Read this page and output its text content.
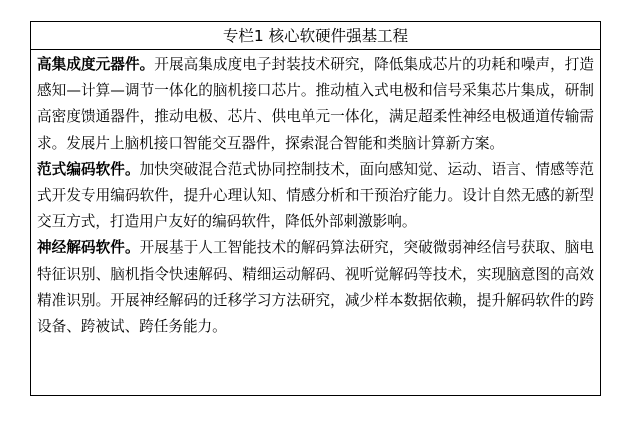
专栏1 核心软硬件强基工程

高集成度元器件。开展高集成度电子封装技术研究，降低集成芯片的功耗和噪声，打造感知—计算—调节一体化的脑机接口芯片。推动植入式电极和信号采集芯片集成，研制高密度馈通器件，推动电极、芯片、供电单元一体化，满足超柔性神经电极通道传输需求。发展片上脑机接口智能交互器件，探索混合智能和类脑计算新方案。

范式编码软件。加快突破混合范式协同控制技术，面向感知觉、运动、语言、情感等范式开发专用编码软件，提升心理认知、情感分析和干预治疗能力。设计自然无感的新型交互方式，打造用户友好的编码软件，降低外部刺激影响。

神经解码软件。开展基于人工智能技术的解码算法研究，突破微弱神经信号获取、脑电特征识别、脑机指令快速解码、精细运动解码、视听觉解码等技术，实现脑意图的高效精准识别。开展神经解码的迁移学习方法研究，减少样本数据依赖，提升解码软件的跨设备、跨被试、跨任务能力。
